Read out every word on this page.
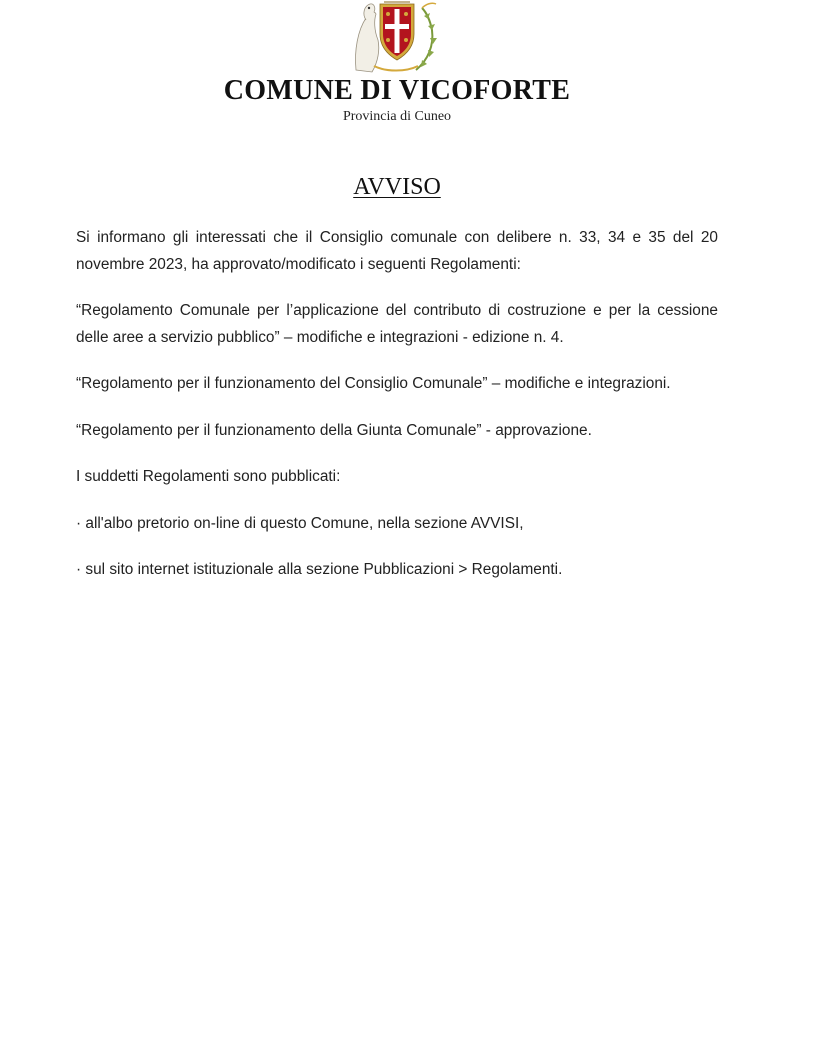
COMUNE DI VICOFORTE
Provincia di Cuneo
AVVISO

Si informano gli interessati che il Consiglio comunale con delibere n. 33, 34 e 35 del 20 novembre 2023, ha approvato/modificato i seguenti Regolamenti:

“Regolamento Comunale per l’applicazione del contributo di costruzione e per la cessione delle aree a servizio pubblico” – modifiche e integrazioni - edizione n. 4.

“Regolamento per il funzionamento del Consiglio Comunale” – modifiche e integrazioni.

“Regolamento per il funzionamento della Giunta Comunale” - approvazione.

I suddetti Regolamenti sono pubblicati:

· all'albo pretorio on-line di questo Comune, nella sezione AVVISI,

· sul sito internet istituzionale alla sezione Pubblicazioni > Regolamenti.
